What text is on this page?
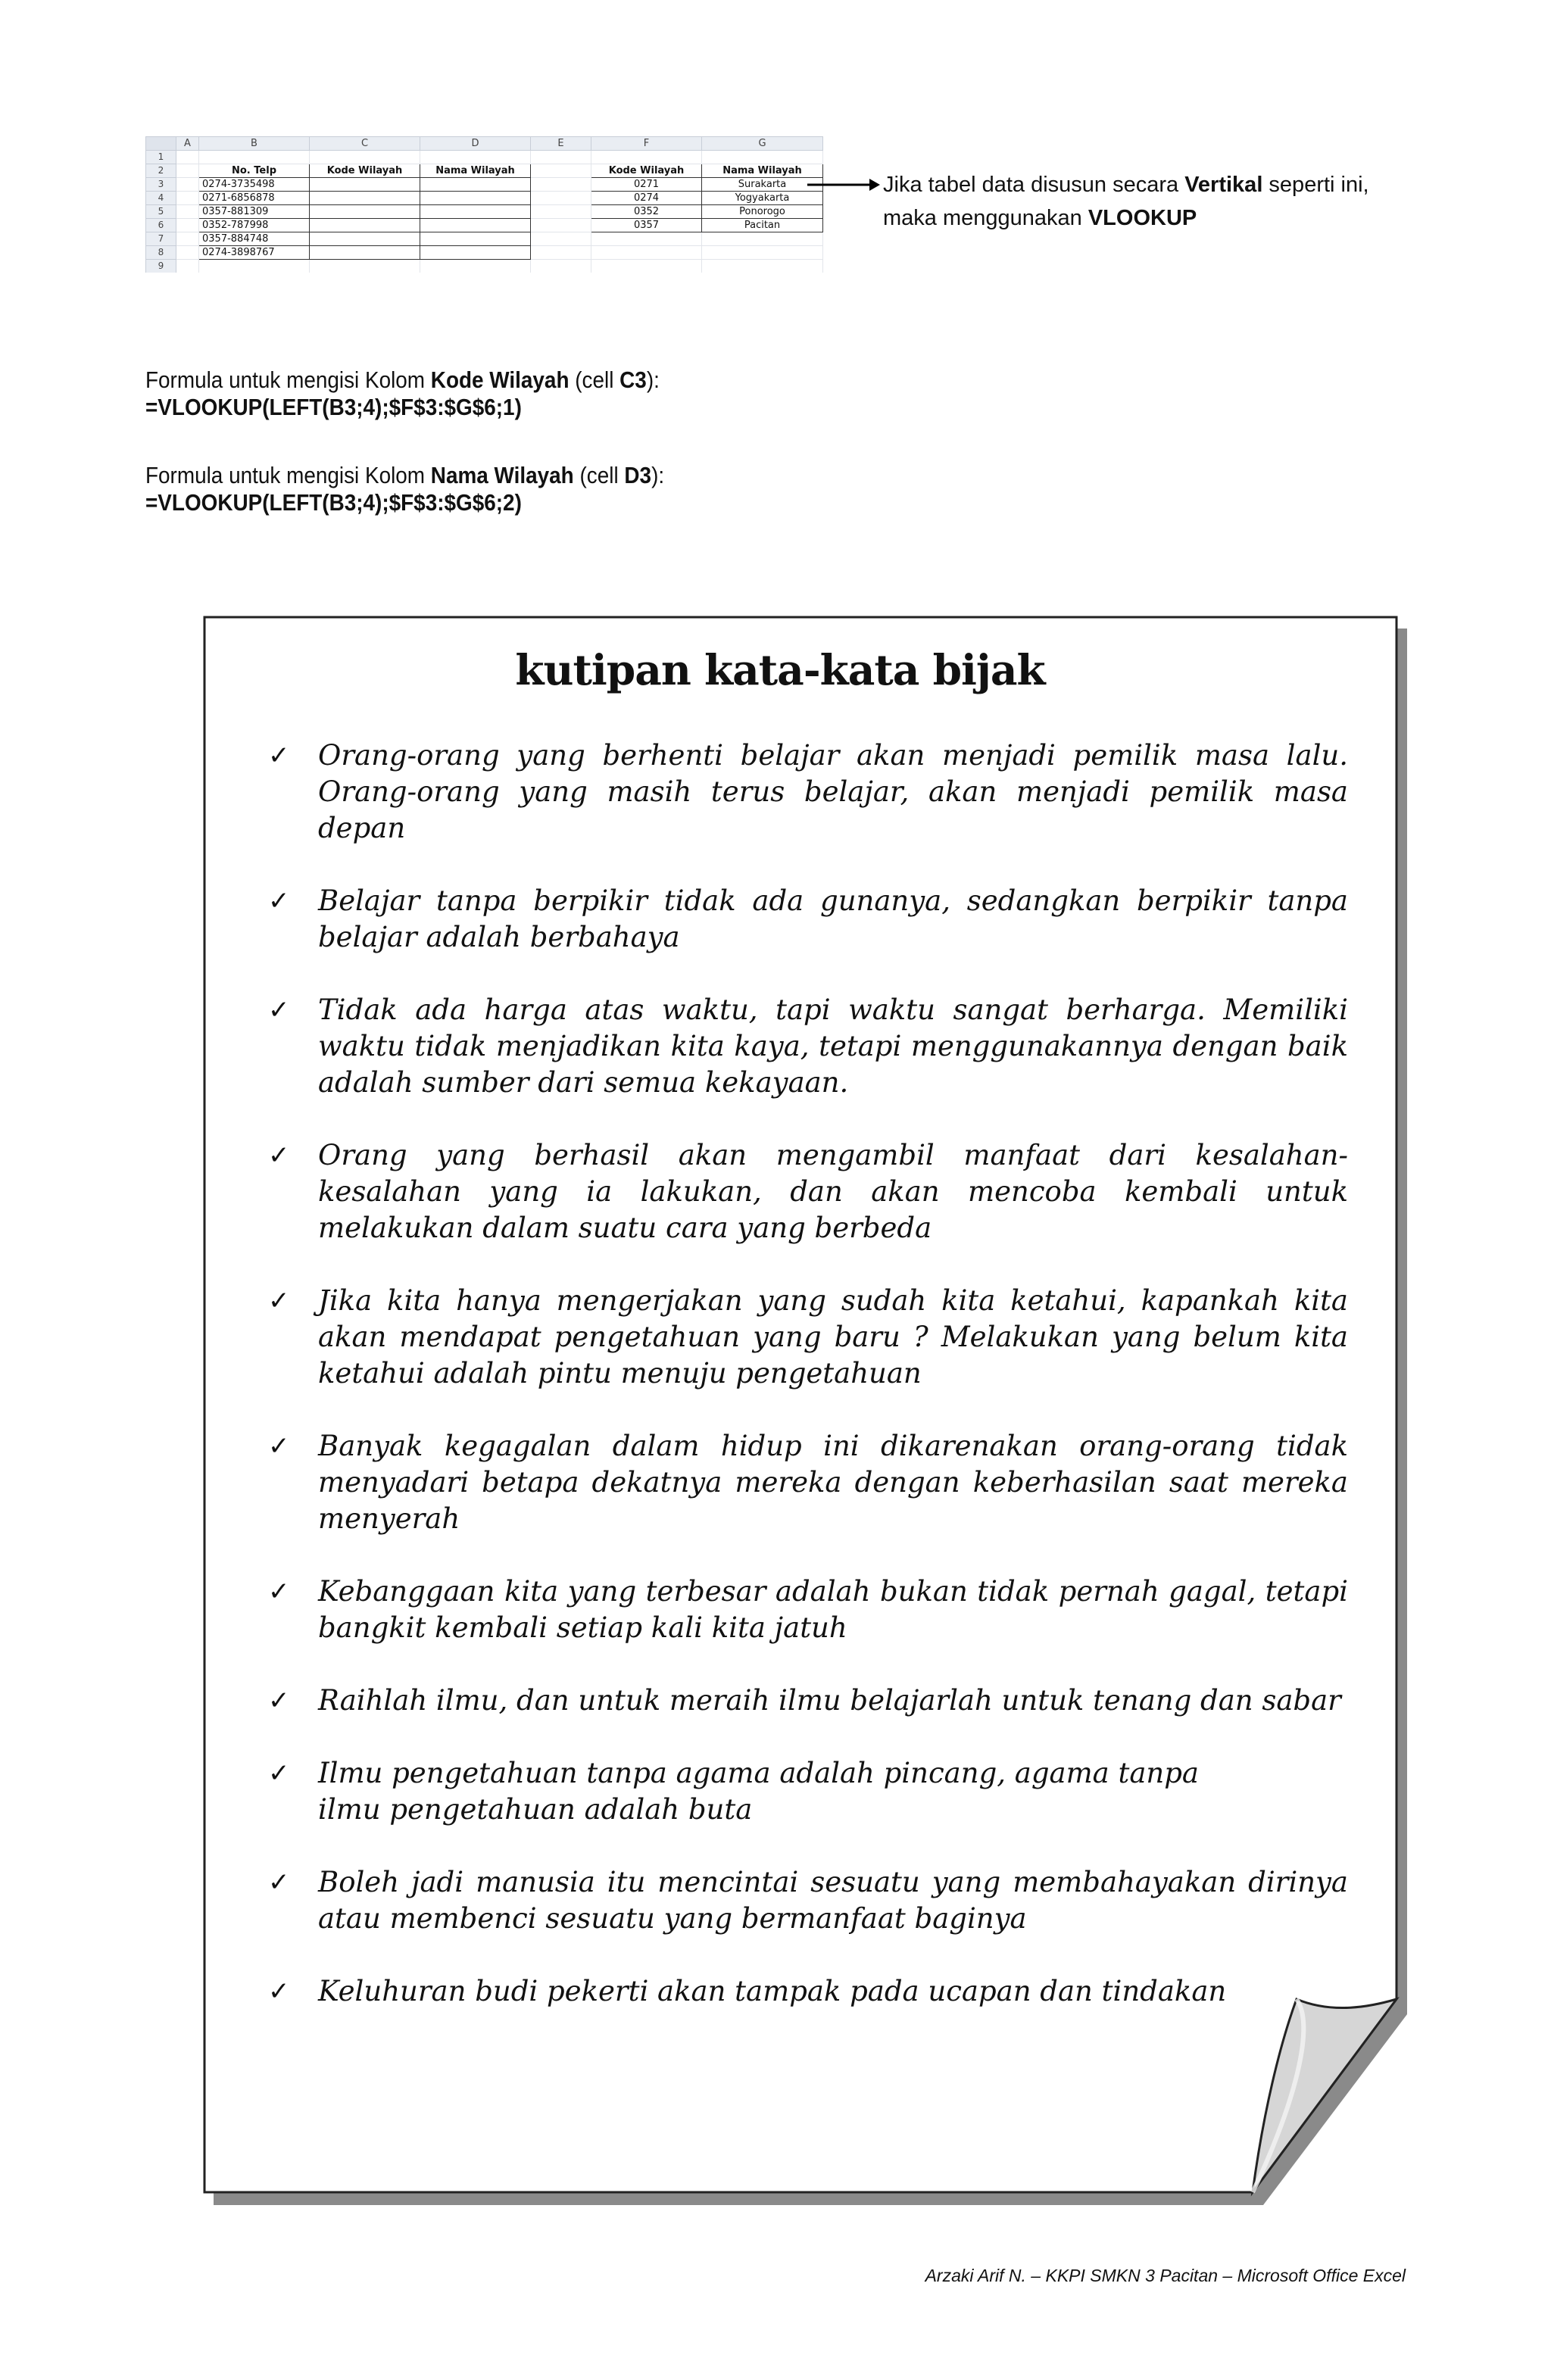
	A	B	C	D	E	F	G
1							
2		No. Telp	Kode Wilayah	Nama Wilayah		Kode Wilayah	Nama Wilayah
3		0274-3735498				0271	Surakarta
4		0271-6856878				0274	Yogyakarta
5		0357-881309				0352	Ponorogo
6		0352-787998				0357	Pacitan
7		0357-884748					
8		0274-3898767					
9							
Jika tabel data disusun secara Vertikal seperti ini, maka menggunakan VLOOKUP
Formula untuk mengisi Kolom Kode Wilayah (cell C3):
=VLOOKUP(LEFT(B3;4);$F$3:$G$6;1)
Formula untuk mengisi Kolom Nama Wilayah (cell D3):
=VLOOKUP(LEFT(B3;4);$F$3:$G$6;2)
kutipan kata-kata bijak
✓ Orang-orang yang berhenti belajar akan menjadi pemilik masa lalu. Orang-orang yang masih terus belajar, akan menjadi pemilik masa depan
✓ Belajar tanpa berpikir tidak ada gunanya, sedangkan berpikir tanpa belajar adalah berbahaya
✓ Tidak ada harga atas waktu, tapi waktu sangat berharga. Memiliki waktu tidak menjadikan kita kaya, tetapi menggunakannya dengan baik adalah sumber dari semua kekayaan.
✓ Orang yang berhasil akan mengambil manfaat dari kesalahan-kesalahan yang ia lakukan, dan akan mencoba kembali untuk melakukan dalam suatu cara yang berbeda
✓ Jika kita hanya mengerjakan yang sudah kita ketahui, kapankah kita akan mendapat pengetahuan yang baru ? Melakukan yang belum kita ketahui adalah pintu menuju pengetahuan
✓ Banyak kegagalan dalam hidup ini dikarenakan orang-orang tidak menyadari betapa dekatnya mereka dengan keberhasilan saat mereka menyerah
✓ Kebanggaan kita yang terbesar adalah bukan tidak pernah gagal, tetapi bangkit kembali setiap kali kita jatuh
✓ Raihlah ilmu, dan untuk meraih ilmu belajarlah untuk tenang dan sabar
✓ Ilmu pengetahuan tanpa agama adalah pincang, agama tanpa ilmu pengetahuan adalah buta
✓ Boleh jadi manusia itu mencintai sesuatu yang membahayakan dirinya atau membenci sesuatu yang bermanfaat baginya
✓ Keluhuran budi pekerti akan tampak pada ucapan dan tindakan
Arzaki Arif N. – KKPI SMKN 3 Pacitan – Microsoft Office Excel
